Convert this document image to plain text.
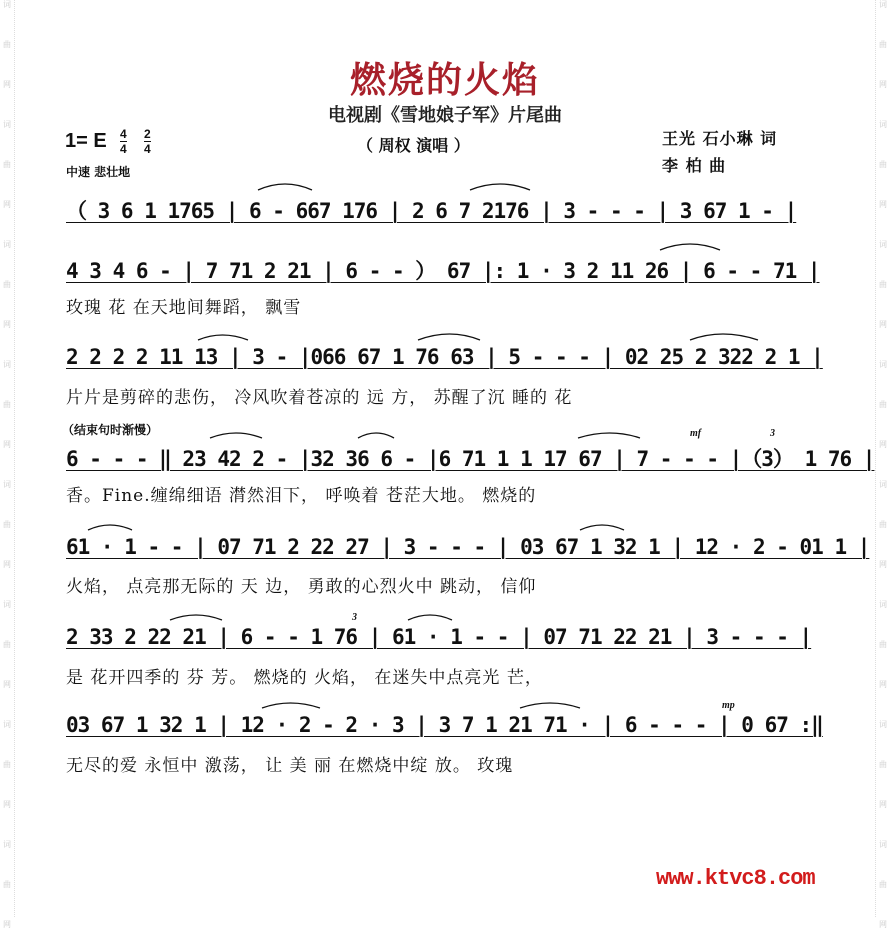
词
曲
网
词
曲
网
词
曲
网
词
曲
网
词
曲
网
词
曲
网
词
曲
网
词
曲
网
词
曲
网
词
曲
网
词
曲
网
词
曲
网
词
曲
网
词
曲
网
词
曲
网
词
曲
网
燃烧的火焰
电视剧《雪地娘子军》片尾曲
（ 周权 演唱 ）
1= E 4
4
2
4
中速 悲壮地
王光 石小琳 词
李 柏 曲
（ 3 6 1 1765 | 6 - 667 176 | 2 6 7 2176 | 3 - - - | 3 67 1 - |
4 3 4 6 - | 7 71 2 21 | 6 - - ） 67 |: 1 · 3 2 11 26 | 6 - - 71 |
玫瑰 花 在天地间舞蹈， 飘雪
2 2 2 2 11 13 | 3 - |066 67 1 76 63 | 5 - - - | 02 25 2 322 2 1 |
片片是剪碎的悲伤， 冷风吹着苍凉的 远 方， 苏醒了沉 睡的 花
（结束句时渐慢）	mf	3
6 - - - ‖ 23 42 2 - |32 36 6 - |6 71 1 1 17 67 | 7 - - - |（3） 1 76 |
香。Fine.缠绵细语 潸然泪下， 呼唤着 苍茫大地。 燃烧的
61 · 1 - - | 07 71 2 22 27 | 3 - - - | 03 67 1 32 1 | 12 · 2 - 01 1 |
火焰， 点亮那无际的 天 边， 勇敢的心烈火中 跳动， 信仰
3
2 33 2 22 21 | 6 - - 1 76 | 61 · 1 - - | 07 71 22 21 | 3 - - - |
是 花开四季的 芬 芳。 燃烧的 火焰， 在迷失中点亮光 芒，
mp
03 67 1 32 1 | 12 · 2 - 2 · 3 | 3 7 1 21 71 · | 6 - - - | 0 67 :‖
无尽的爱 永恒中 激荡， 让 美 丽 在燃烧中绽 放。 玫瑰
www.ktvc8.com
